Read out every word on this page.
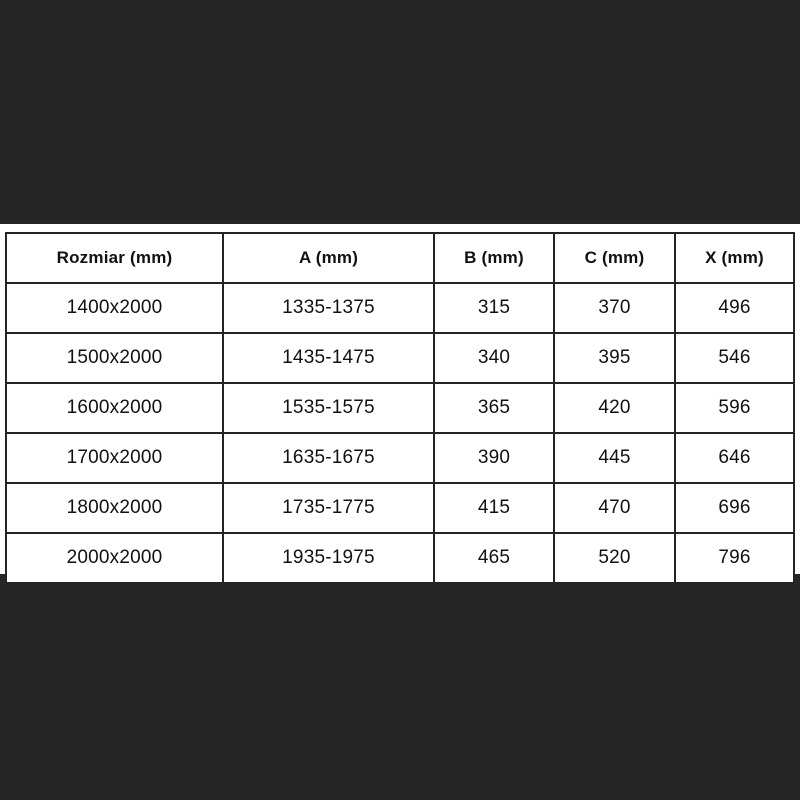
Rozmiar (mm)	A (mm)	B (mm)	C (mm)	X (mm)
1400x2000	1335-1375	315	370	496
1500x2000	1435-1475	340	395	546
1600x2000	1535-1575	365	420	596
1700x2000	1635-1675	390	445	646
1800x2000	1735-1775	415	470	696
2000x2000	1935-1975	465	520	796
